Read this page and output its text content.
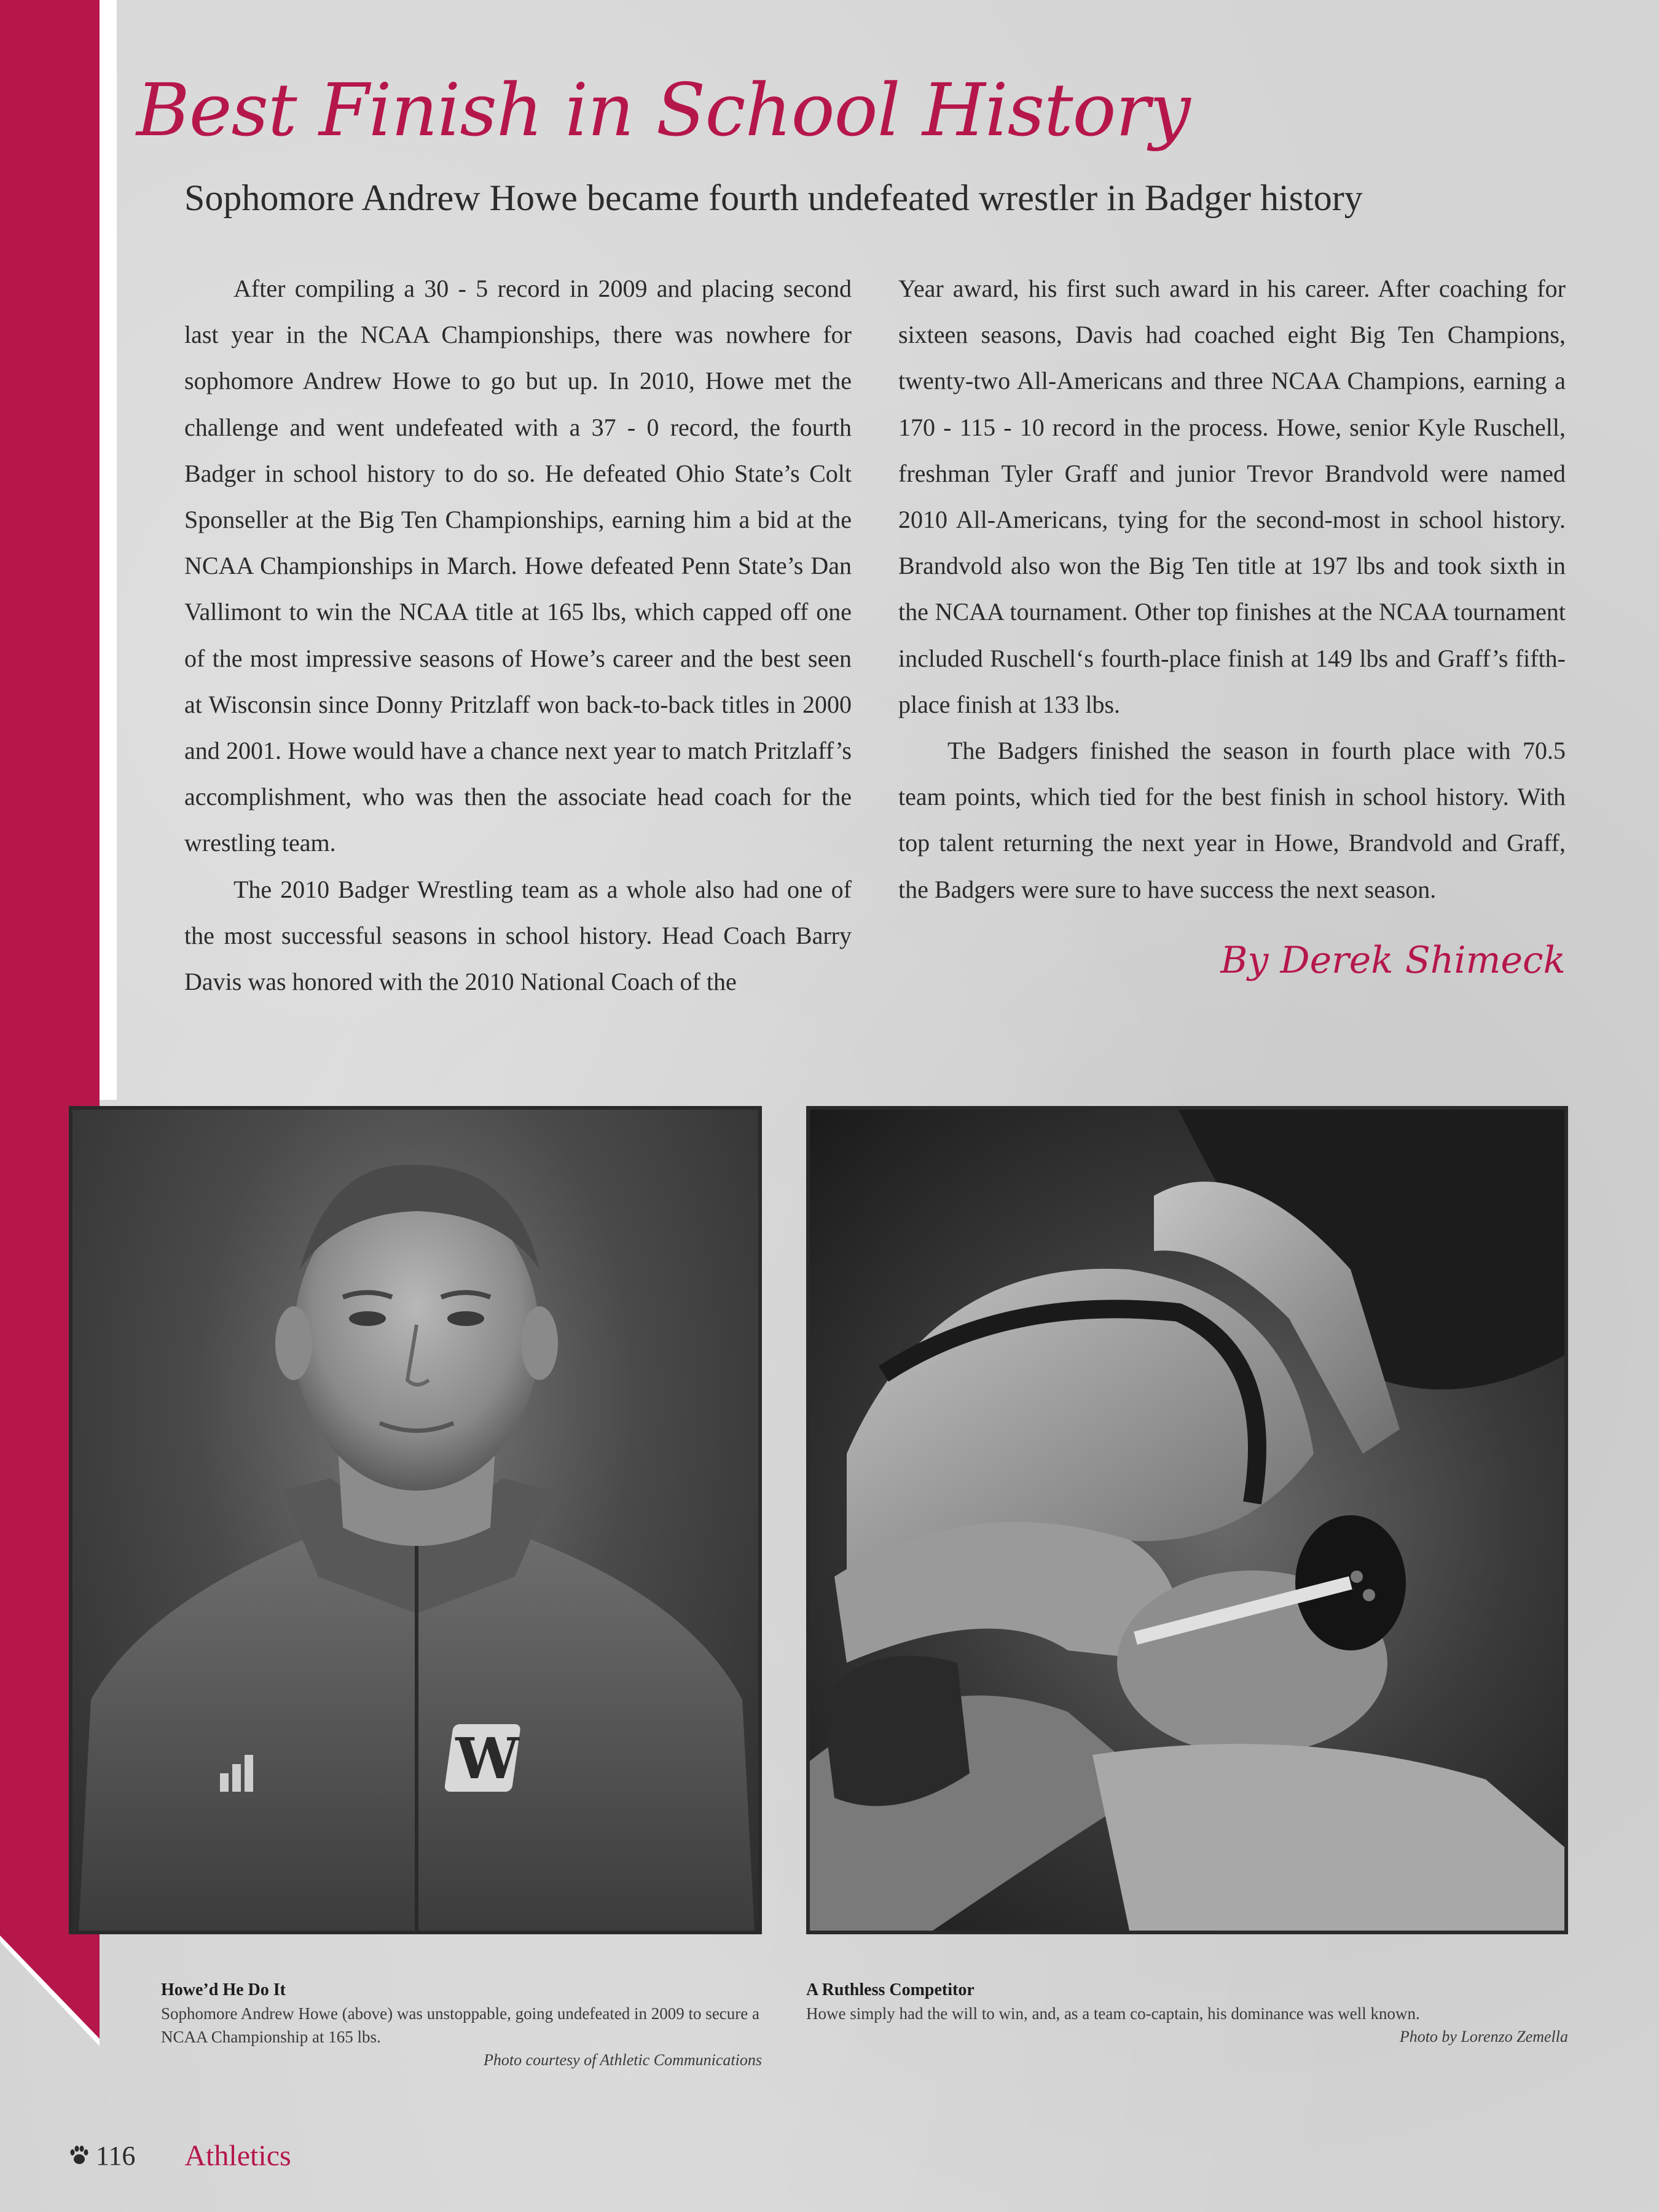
Best Finish in School History
Sophomore Andrew Howe became fourth undefeated wrestler in Badger history

After compiling a 30 - 5 record in 2009 and placing second last year in the NCAA Championships, there was nowhere for sophomore Andrew Howe to go but up. In 2010, Howe met the challenge and went undefeated with a 37 - 0 record, the fourth Badger in school history to do so. He defeated Ohio State’s Colt Sponseller at the Big Ten Championships, earning him a bid at the NCAA Championships in March. Howe defeated Penn State’s Dan Vallimont to win the NCAA title at 165 lbs, which capped off one of the most impressive seasons of Howe’s career and the best seen at Wisconsin since Donny Pritzlaff won back-to-back titles in 2000 and 2001. Howe would have a chance next year to match Pritzlaff’s accomplishment, who was then the associate head coach for the wrestling team.

The 2010 Badger Wrestling team as a whole also had one of the most successful seasons in school history. Head Coach Barry Davis was honored with the 2010 National Coach of the

Year award, his first such award in his career. After coaching for sixteen seasons, Davis had coached eight Big Ten Champions, twenty-two All-Americans and three NCAA Champions, earning a 170 - 115 - 10 record in the process. Howe, senior Kyle Ruschell, freshman Tyler Graff and junior Trevor Brandvold were named 2010 All-Americans, tying for the second-most in school history. Brandvold also won the Big Ten title at 197 lbs and took sixth in the NCAA tournament. Other top finishes at the NCAA tournament included Ruschell‘s fourth-place finish at 149 lbs and Graff’s fifth-place finish at 133 lbs.

The Badgers finished the season in fourth place with 70.5 team points, which tied for the best finish in school history. With top talent returning the next year in Howe, Brandvold and Graff, the Badgers were sure to have success the next season.

By Derek Shimeck
W
Howe’d He Do It
Sophomore Andrew Howe (above) was unstoppable, going undefeated in 2009 to secure a NCAA Championship at 165 lbs.
Photo courtesy of Athletic Communications
A Ruthless Competitor
Howe simply had the will to win, and, as a team co-captain, his dominance was well known.
Photo by Lorenzo Zemella
116 Athletics
